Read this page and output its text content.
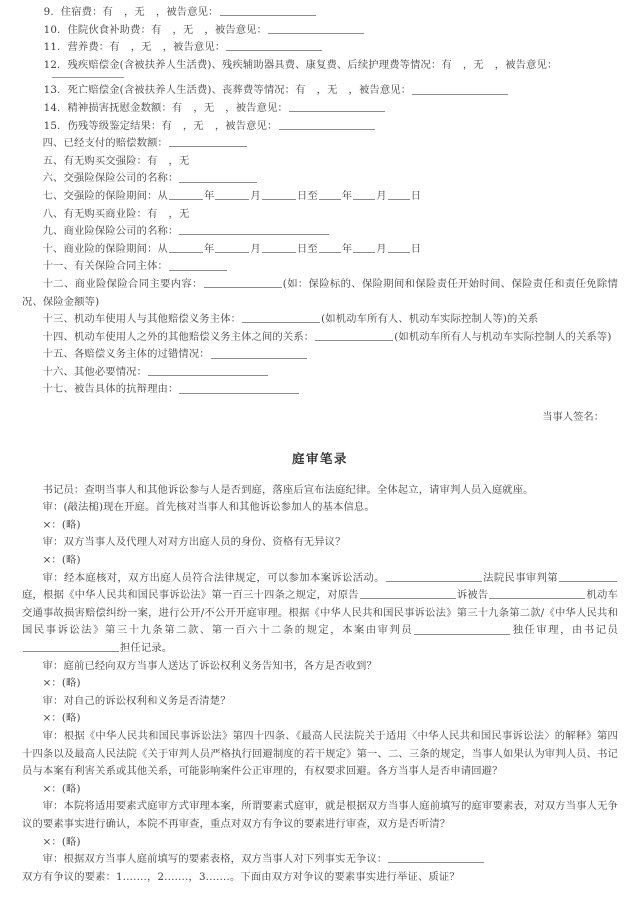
9. 住宿费：有 ，无 ，被告意见：

10. 住院伙食补助费：有 ，无 ，被告意见：

11. 营养费：有 ，无 ，被告意见：

12. 残疾赔偿金(含被扶养人生活费)、残疾辅助器具费、康复费、后续护理费等情况：有 ，无 ，被告意见：

13. 死亡赔偿金(含被扶养人生活费)、丧葬费等情况：有 ，无 ，被告意见：

14. 精神损害抚慰金数额：有 ，无 ，被告意见：

15. 伤残等级鉴定结果：有 ，无 ，被告意见：

四、已经支付的赔偿数额：

五、有无购买交强险：有 ，无

六、交强险保险公司的名称：

七、交强险的保险期间：从	年	月	日至 年 月 日

八、有无购买商业险：有 ，无

九、商业险保险公司的名称：

十、商业险的保险期间：从	年	月	日至 年 月 日

十一、有关保险合同主体：

十二、商业险保险合同主要内容：	(如：保险标的、保险期间和保险责任开始时间、保险责任和责任免除情况、保险金额等)

十三、机动车使用人与其他赔偿义务主体：	(如机动车所有人、机动车实际控制人等)的关系

十四、机动车使用人之外的其他赔偿义务主体之间的关系：	(如机动车所有人与机动车实际控制人的关系等)

十五、各赔偿义务主体的过错情况：

十六、其他必要情况：

十七、被告具体的抗辩理由：

当事人签名：

庭审笔录

书记员：查明当事人和其他诉讼参与人是否到庭，落座后宣布法庭纪律。全体起立，请审判人员入庭就座。

审：(敲法槌)现在开庭。首先核对当事人和其他诉讼参加人的基本信息。

×：(略)

审：双方当事人及代理人对对方出庭人员的身份、资格有无异议？

×：(略)

审：经本庭核对，双方出庭人员符合法律规定，可以参加本案诉讼活动。	法院民事审判第庭，根据《中华人民共和国民事诉讼法》第一百三十四条之规定，对原告	诉被告	机动车交通事故损害赔偿纠纷一案，进行公开/不公开开庭审理。根据《中华人民共和国民事诉讼法》第三十九条第二款/《中华人民共和国民事诉讼法》第三十九条第二款、第一百六十二条的规定，本案由审判员	独任审理，由书记员担任记录。

审：庭前已经向双方当事人送达了诉讼权利义务告知书，各方是否收到？

×：(略)

审：对自己的诉讼权利和义务是否清楚？

×：(略)

审：根据《中华人民共和国民事诉讼法》第四十四条、《最高人民法院关于适用〈中华人民共和国民事诉讼法〉的解释》第四十四条以及最高人民法院《关于审判人员严格执行回避制度的若干规定》第一、二、三条的规定，当事人如果认为审判人员、书记员与本案有利害关系或其他关系，可能影响案件公正审理的，有权要求回避。各方当事人是否申请回避？

×：(略)

审：本院将适用要素式庭审方式审理本案，所谓要素式庭审，就是根据双方当事人庭前填写的庭审要素表，对双方当事人无争议的要素事实进行确认，本院不再审查，重点对双方有争议的要素进行审查，双方是否听清？

×：(略)

审：根据双方当事人庭前填写的要素表格，双方当事人对下列事实无争议：

双方有争议的要素：1.……，2.……，3.……。下面由双方对争议的要素事实进行举证、质证？
